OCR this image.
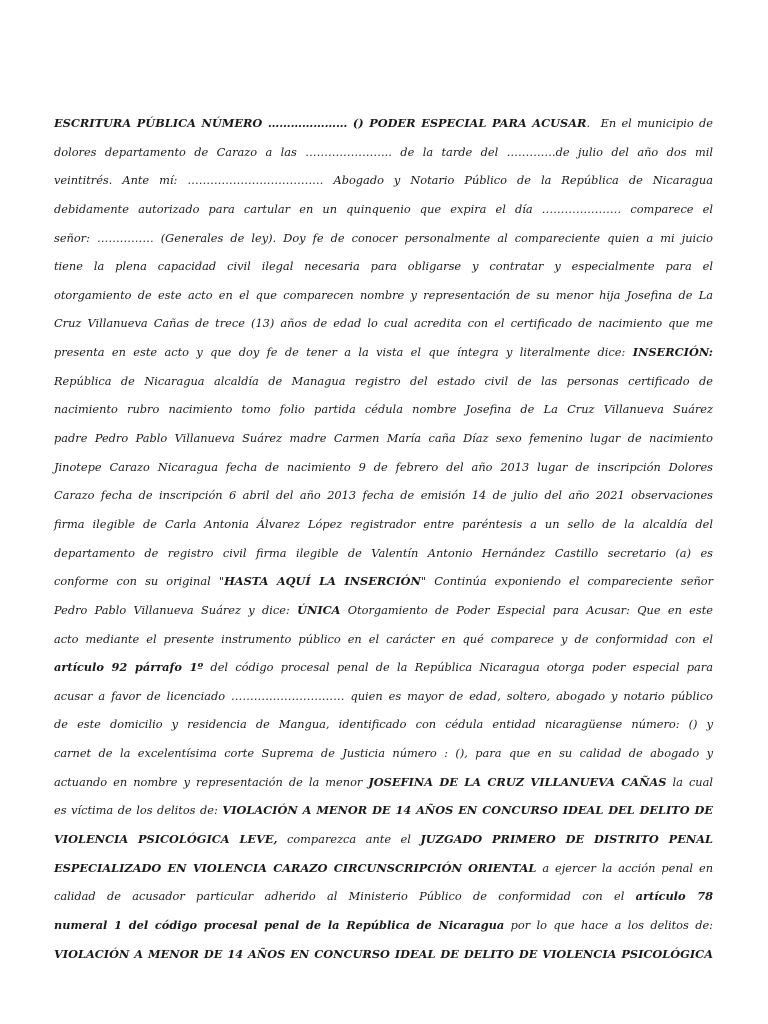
ESCRITURA PÚBLICA NÚMERO ………………… () PODER ESPECIAL PARA ACUSAR.  En el municipio de
dolores departamento de Carazo a las ………………….. de la tarde del ………….de julio del año dos mil
veintitrés. Ante mí: ……………………………… Abogado y Notario Público de la República de Nicaragua
debidamente autorizado para cartular en un quinquenio que expira el día ………………… comparece el
señor: …………… (Generales de ley). Doy fe de conocer personalmente al compareciente quien a mi juicio
tiene la plena capacidad civil ilegal necesaria para obligarse y contratar y especialmente para el
otorgamiento de este acto en el que comparecen nombre y representación de su menor hija Josefina de La
Cruz Villanueva Cañas de trece (13) años de edad lo cual acredita con el certificado de nacimiento que me
presenta en este acto y que doy fe de tener a la vista el que íntegra y literalmente dice: INSERCIÓN:
República de Nicaragua alcaldía de Managua registro del estado civil de las personas certificado de
nacimiento rubro nacimiento tomo folio partida cédula nombre Josefina de La Cruz Villanueva Suárez
padre Pedro Pablo Villanueva Suárez madre Carmen María caña Díaz sexo femenino lugar de nacimiento
Jinotepe Carazo Nicaragua fecha de nacimiento 9 de febrero del año 2013 lugar de inscripción Dolores
Carazo fecha de inscripción 6 abril del año 2013 fecha de emisión 14 de julio del año 2021 observaciones
firma ilegible de Carla Antonia Álvarez López registrador entre paréntesis a un sello de la alcaldía del
departamento de registro civil firma ilegible de Valentín Antonio Hernández Castillo secretario (a) es
conforme con su original "HASTA AQUÍ LA INSERCIÓN" Continúa exponiendo el compareciente señor
Pedro Pablo Villanueva Suárez y dice: ÚNICA Otorgamiento de Poder Especial para Acusar: Que en este
acto mediante el presente instrumento público en el carácter en qué comparece y de conformidad con el
artículo 92 párrafo 1º del código procesal penal de la República Nicaragua otorga poder especial para
acusar a favor de licenciado ………………………… quien es mayor de edad, soltero, abogado y notario público
de este domicilio y residencia de Mangua, identificado con cédula entidad nicaragüense número: () y
carnet de la excelentísima corte Suprema de Justicia número : (), para que en su calidad de abogado y
actuando en nombre y representación de la menor JOSEFINA DE LA CRUZ VILLANUEVA CAÑAS la cual
es víctima de los delitos de: VIOLACIÓN A MENOR DE 14 AÑOS EN CONCURSO IDEAL DEL DELITO DE
VIOLENCIA PSICOLÓGICA LEVE, comparezca ante el JUZGADO PRIMERO DE DISTRITO PENAL
ESPECIALIZADO EN VIOLENCIA CARAZO CIRCUNSCRIPCIÓN ORIENTAL a ejercer la acción penal en
calidad de acusador particular adherido al Ministerio Público de conformidad con el artículo 78
numeral 1 del código procesal penal de la República de Nicaragua por lo que hace a los delitos de:
VIOLACIÓN A MENOR DE 14 AÑOS EN CONCURSO IDEAL DE DELITO DE VIOLENCIA PSICOLÓGICA
